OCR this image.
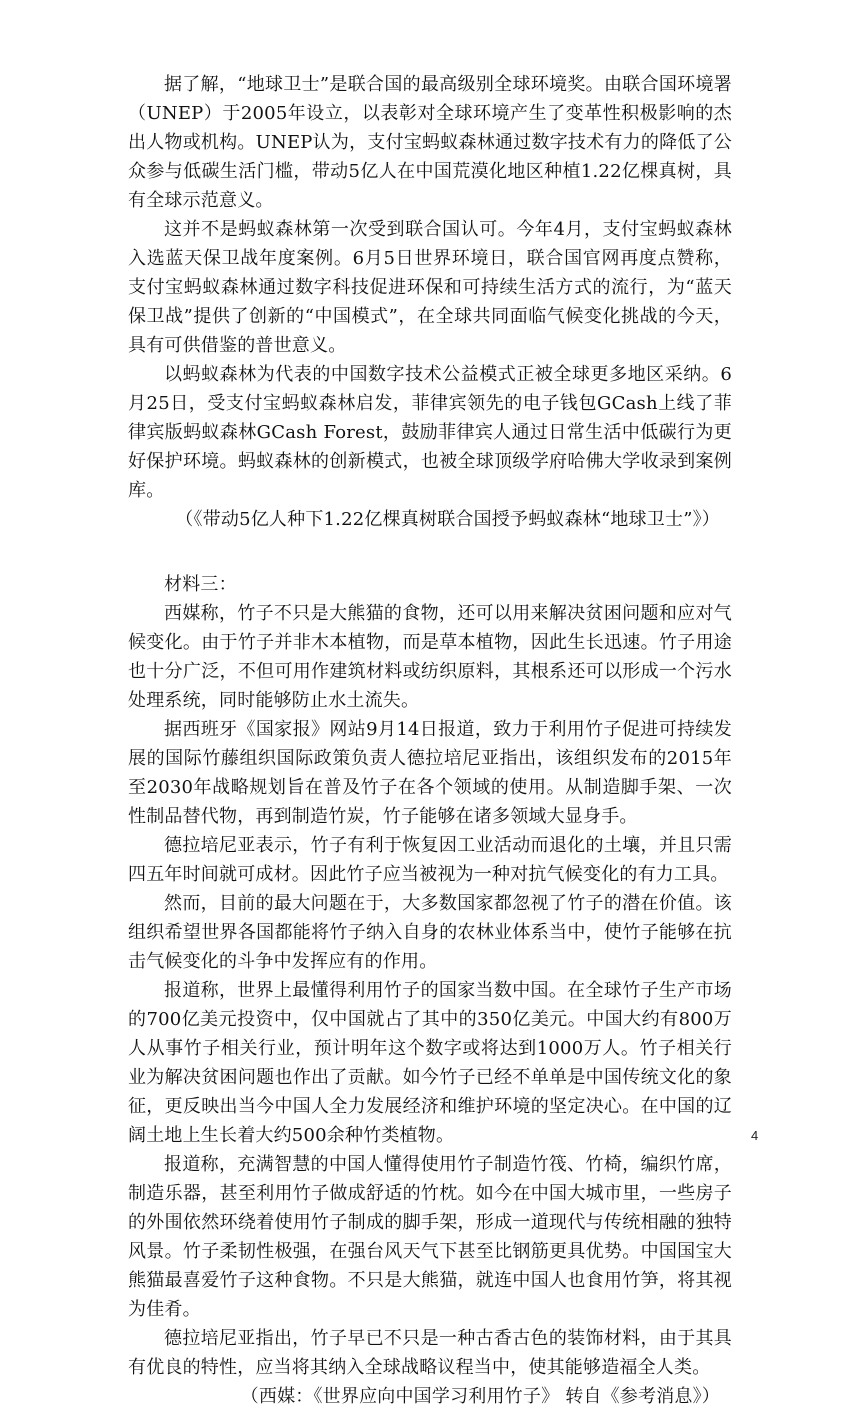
据了解，“地球卫士”是联合国的最高级别全球环境奖。由联合国环境署（UNEP）于2005年设立，以表彰对全球环境产生了变革性积极影响的杰出人物或机构。UNEP认为，支付宝蚂蚁森林通过数字技术有力的降低了公众参与低碳生活门槛，带动5亿人在中国荒漠化地区种植1.22亿棵真树，具有全球示范意义。

这并不是蚂蚁森林第一次受到联合国认可。今年4月，支付宝蚂蚁森林入选蓝天保卫战年度案例。6月5日世界环境日，联合国官网再度点赞称，支付宝蚂蚁森林通过数字科技促进环保和可持续生活方式的流行，为“蓝天保卫战”提供了创新的“中国模式”，在全球共同面临气候变化挑战的今天，具有可供借鉴的普世意义。

以蚂蚁森林为代表的中国数字技术公益模式正被全球更多地区采纳。6月25日，受支付宝蚂蚁森林启发，菲律宾领先的电子钱包GCash上线了菲律宾版蚂蚁森林GCash Forest，鼓励菲律宾人通过日常生活中低碳行为更好保护环境。蚂蚁森林的创新模式，也被全球顶级学府哈佛大学收录到案例库。

（《带动5亿人种下1.22亿棵真树联合国授予蚂蚁森林“地球卫士”》）

材料三：

西媒称，竹子不只是大熊猫的食物，还可以用来解决贫困问题和应对气候变化。由于竹子并非木本植物，而是草本植物，因此生长迅速。竹子用途也十分广泛，不但可用作建筑材料或纺织原料，其根系还可以形成一个污水处理系统，同时能够防止水土流失。

据西班牙《国家报》网站9月14日报道，致力于利用竹子促进可持续发展的国际竹藤组织国际政策负责人德拉培尼亚指出，该组织发布的2015年至2030年战略规划旨在普及竹子在各个领域的使用。从制造脚手架、一次性制品替代物，再到制造竹炭，竹子能够在诸多领域大显身手。

德拉培尼亚表示，竹子有利于恢复因工业活动而退化的土壤，并且只需四五年时间就可成材。因此竹子应当被视为一种对抗气候变化的有力工具。

然而，目前的最大问题在于，大多数国家都忽视了竹子的潜在价值。该组织希望世界各国都能将竹子纳入自身的农林业体系当中，使竹子能够在抗击气候变化的斗争中发挥应有的作用。

报道称，世界上最懂得利用竹子的国家当数中国。在全球竹子生产市场的700亿美元投资中，仅中国就占了其中的350亿美元。中国大约有800万人从事竹子相关行业，预计明年这个数字或将达到1000万人。竹子相关行业为解决贫困问题也作出了贡献。如今竹子已经不单单是中国传统文化的象征，更反映出当今中国人全力发展经济和维护环境的坚定决心。在中国的辽阔土地上生长着大约500余种竹类植物。

报道称，充满智慧的中国人懂得使用竹子制造竹筏、竹椅，编织竹席，制造乐器，甚至利用竹子做成舒适的竹枕。如今在中国大城市里，一些房子的外围依然环绕着使用竹子制成的脚手架，形成一道现代与传统相融的独特风景。竹子柔韧性极强，在强台风天气下甚至比钢筋更具优势。中国国宝大熊猫最喜爱竹子这种食物。不只是大熊猫，就连中国人也食用竹笋，将其视为佳肴。

德拉培尼亚指出，竹子早已不只是一种古香古色的装饰材料，由于其具有优良的特性，应当将其纳入全球战略议程当中，使其能够造福全人类。

（西媒：《世界应向中国学习利用竹子》 转自《参考消息》）

4
